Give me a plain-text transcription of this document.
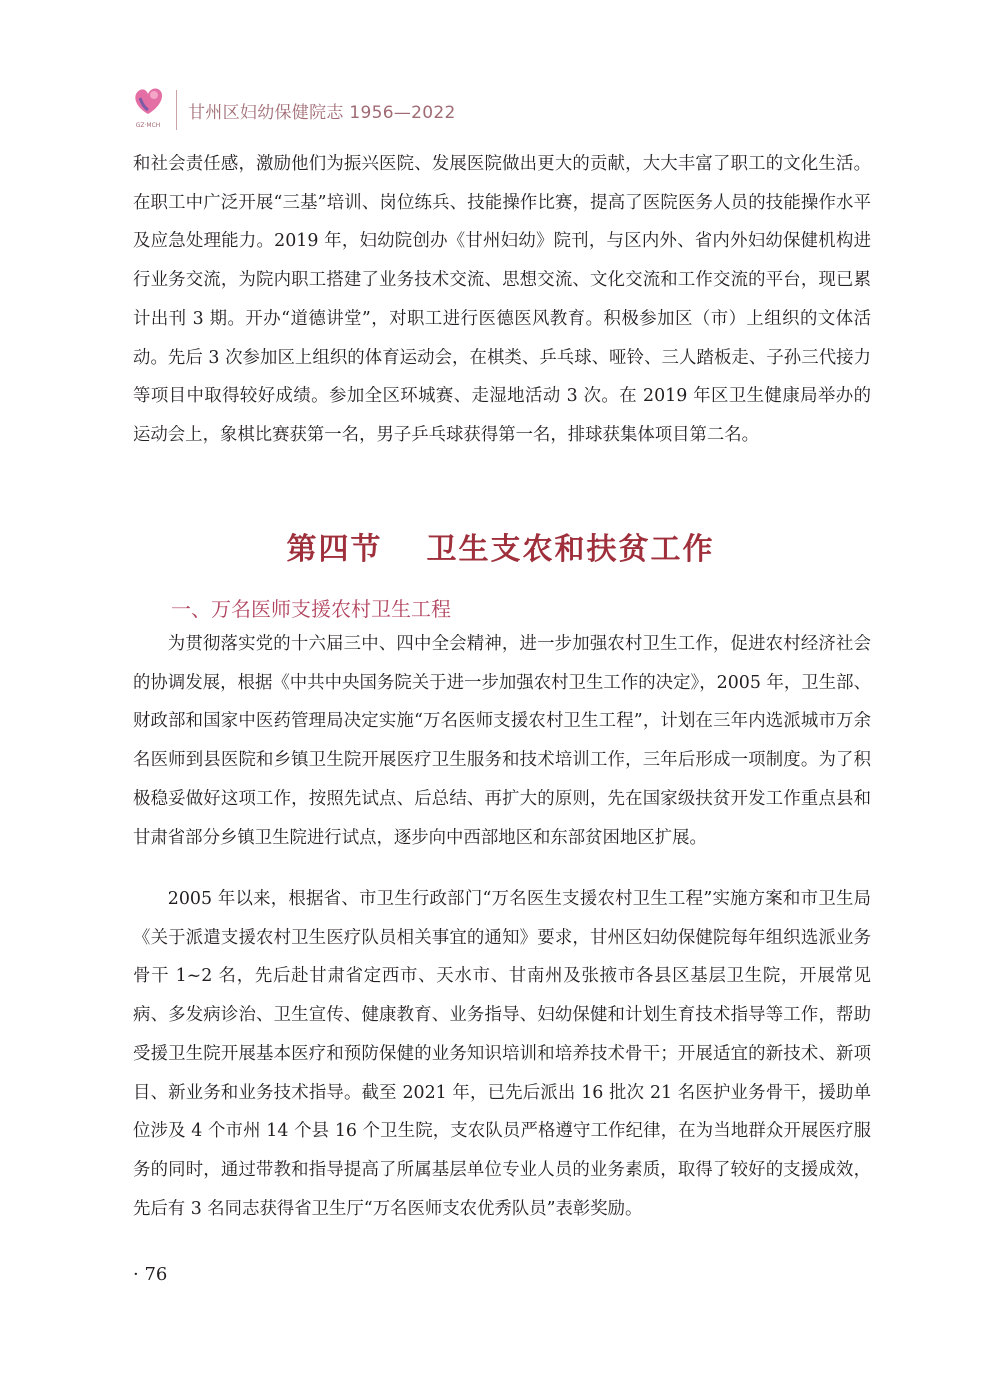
GZ·MCH
甘州区妇幼保健院志 1956—2022

和社会责任感，激励他们为振兴医院、发展医院做出更大的贡献，大大丰富了职工的文化生活。在职工中广泛开展“三基”培训、岗位练兵、技能操作比赛，提高了医院医务人员的技能操作水平及应急处理能力。2019 年，妇幼院创办《甘州妇幼》院刊，与区内外、省内外妇幼保健机构进行业务交流，为院内职工搭建了业务技术交流、思想交流、文化交流和工作交流的平台，现已累计出刊 3 期。开办“道德讲堂”，对职工进行医德医风教育。积极参加区（市）上组织的文体活动。先后 3 次参加区上组织的体育运动会，在棋类、乒乓球、哑铃、三人踏板走、子孙三代接力等项目中取得较好成绩。参加全区环城赛、走湿地活动 3 次。在 2019 年区卫生健康局举办的运动会上，象棋比赛获第一名，男子乒乓球获得第一名，排球获集体项目第二名。

第四节 卫生支农和扶贫工作
一、万名医师支援农村卫生工程

为贯彻落实党的十六届三中、四中全会精神，进一步加强农村卫生工作，促进农村经济社会的协调发展，根据《中共中央国务院关于进一步加强农村卫生工作的决定》，2005 年，卫生部、财政部和国家中医药管理局决定实施“万名医师支援农村卫生工程”，计划在三年内选派城市万余名医师到县医院和乡镇卫生院开展医疗卫生服务和技术培训工作，三年后形成一项制度。为了积极稳妥做好这项工作，按照先试点、后总结、再扩大的原则，先在国家级扶贫开发工作重点县和甘肃省部分乡镇卫生院进行试点，逐步向中西部地区和东部贫困地区扩展。

2005 年以来，根据省、市卫生行政部门“万名医生支援农村卫生工程”实施方案和市卫生局《关于派遣支援农村卫生医疗队员相关事宜的通知》要求，甘州区妇幼保健院每年组织选派业务骨干 1~2 名，先后赴甘肃省定西市、天水市、甘南州及张掖市各县区基层卫生院，开展常见病、多发病诊治、卫生宣传、健康教育、业务指导、妇幼保健和计划生育技术指导等工作，帮助受援卫生院开展基本医疗和预防保健的业务知识培训和培养技术骨干；开展适宜的新技术、新项目、新业务和业务技术指导。截至 2021 年，已先后派出 16 批次 21 名医护业务骨干，援助单位涉及 4 个市州 14 个县 16 个卫生院，支农队员严格遵守工作纪律，在为当地群众开展医疗服务的同时，通过带教和指导提高了所属基层单位专业人员的业务素质，取得了较好的支援成效，先后有 3 名同志获得省卫生厅“万名医师支农优秀队员”表彰奖励。

· 76
